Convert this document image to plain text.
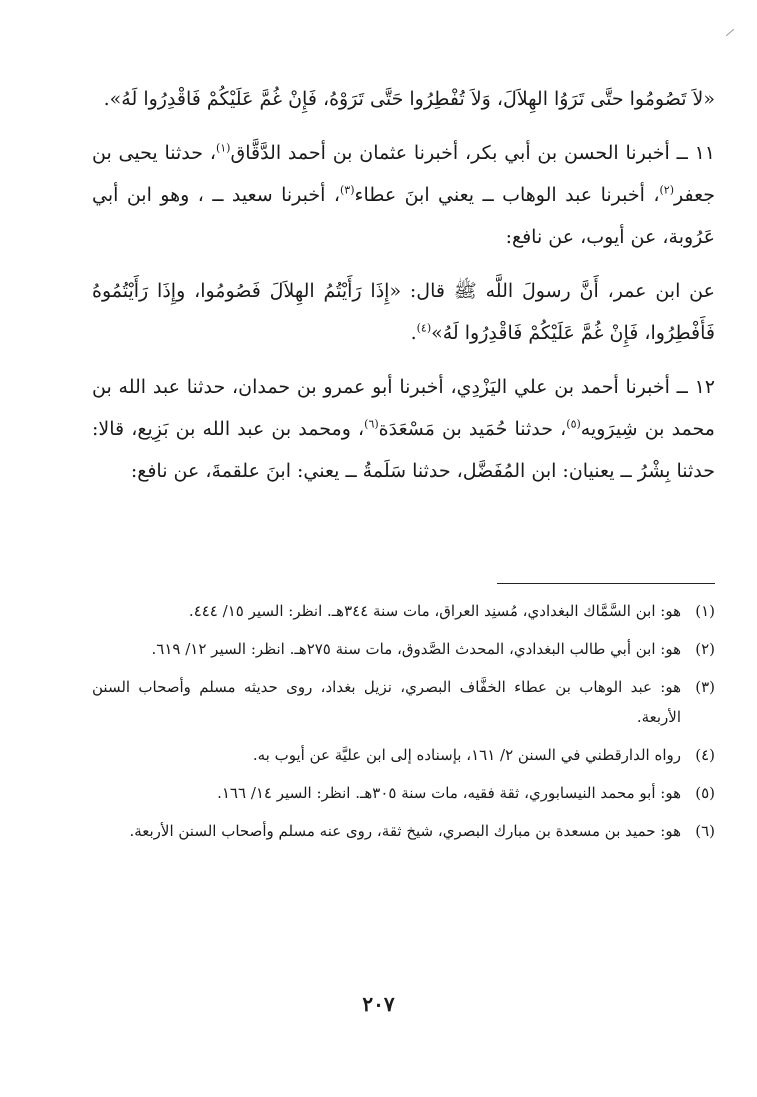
«لاَ تَصُومُوا حتَّى تَرَوُا الهِلاَلَ، وَلاَ تُفْطِرُوا حَتَّى تَرَوْهُ، فَإِنْ غُمَّ عَلَيْكُمْ فَاقْدِرُوا لَهُ».

١١ ــ أخبرنا الحسن بن أبي بكر، أخبرنا عثمان بن أحمد الدَّقَّاق$^{(١)}$، حدثنا يحيى بن جعفر$^{(٢)}$، أخبرنا عبد الوهاب ــ يعني ابنَ عطاء$^{(٣)}$، أخبرنا سعيد ــ ، وهو ابن أبي عَرُوبة، عن أيوب، عن نافع:

عن ابن عمر، أَنَّ رسولَ اللَّه ﷺ قال: «إِذَا رَأَيْتُمُ الهِلاَلَ فَصُومُوا، وإِذَا رَأَيْتُمُوهُ فَأَفْطِرُوا، فَإِنْ غُمَّ عَلَيْكُمْ فَاقْدِرُوا لَهُ»$^{(٤)}$.

١٢ ــ أخبرنا أحمد بن علي اليَزْدِي، أخبرنا أبو عمرو بن حمدان، حدثنا عبد الله بن محمد بن شِيرَويه$^{(٥)}$، حدثنا حُمَيد بن مَسْعَدَة$^{(٦)}$، ومحمد بن عبد الله بن بَزِيع، قالا: حدثنا بِشْرُ ــ يعنيان: ابن المُفَضَّل، حدثنا سَلَمةُ ــ يعني: ابنَ علقمةَ، عن نافع:

(١)
هو: ابن السَّمَّاك البغدادي، مُسنِد العراق، مات سنة ٣٤٤هـ. انظر: السير ١٥/ ٤٤٤.
(٢)
هو: ابن أبي طالب البغدادي، المحدث الصَّدوق، مات سنة ٢٧٥هـ. انظر: السير ١٢/ ٦١٩.
(٣)
هو: عبد الوهاب بن عطاء الخفَّاف البصري، نزيل بغداد، روى حديثه مسلم وأصحاب السنن الأربعة.
(٤)
رواه الدارقطني في السنن ٢/ ١٦١، بإسناده إلى ابن عليَّة عن أيوب به.
(٥)
هو: أبو محمد النيسابوري، ثقة فقيه، مات سنة ٣٠٥هـ. انظر: السير ١٤/ ١٦٦.
(٦)
هو: حميد بن مسعدة بن مبارك البصري، شيخ ثقة، روى عنه مسلم وأصحاب السنن الأربعة.
٢٠٧
